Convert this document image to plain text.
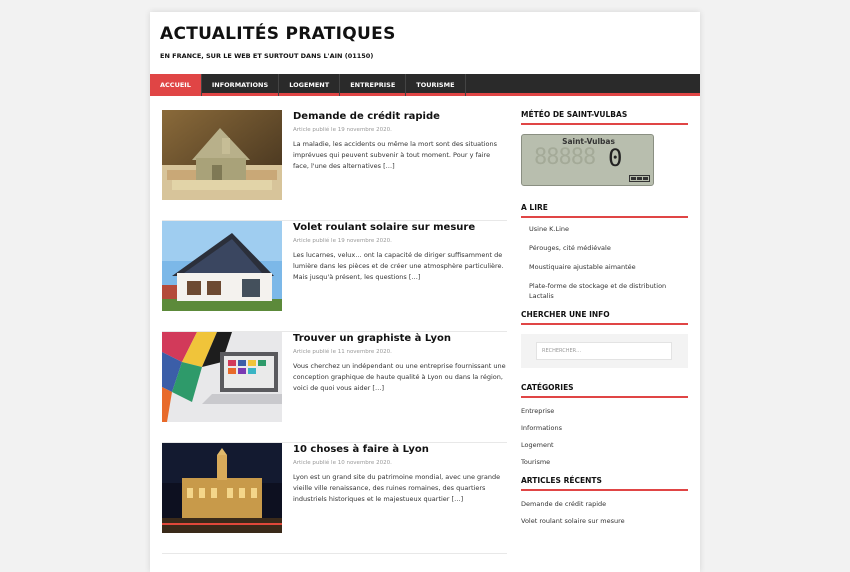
ACTUALITÉS PRATIQUES
EN FRANCE, SUR LE WEB ET SURTOUT DANS L'AIN (01150)
ACCUEIL	INFORMATIONS	LOGEMENT	ENTREPRISE	TOURISME
Demande de crédit rapide
Article publié le 19 novembre 2020.
La maladie, les accidents ou même la mort sont des situations imprévues qui peuvent subvenir à tout moment. Pour y faire face, l'une des alternatives […]
Volet roulant solaire sur mesure
Article publié le 19 novembre 2020.
Les lucarnes, velux… ont la capacité de diriger suffisamment de lumière dans les pièces et de créer une atmosphère particulière. Mais jusqu'à présent, les questions […]
Trouver un graphiste à Lyon
Article publié le 11 novembre 2020.
Vous cherchez un indépendant ou une entreprise fournissant une conception graphique de haute qualité à Lyon ou dans la région, voici de quoi vous aider […]
10 choses à faire à Lyon
Article publié le 10 novembre 2020.
Lyon est un grand site du patrimoine mondial, avec une grande vieille ville renaissance, des ruines romaines, des quartiers industriels historiques et le majestueux quartier […]
MÉTÉO DE SAINT-VULBAS
Saint-Vulbas
88888 0
A LIRE
Usine K.Line
Pérouges, cité médiévale
Moustiquaire ajustable aimantée
Plate-forme de stockage et de distribution Lactalis
CHERCHER UNE INFO
RECHERCHER…
CATÉGORIES
Entreprise
Informations
Logement
Tourisme
ARTICLES RÉCENTS
Demande de crédit rapide
Volet roulant solaire sur mesure
